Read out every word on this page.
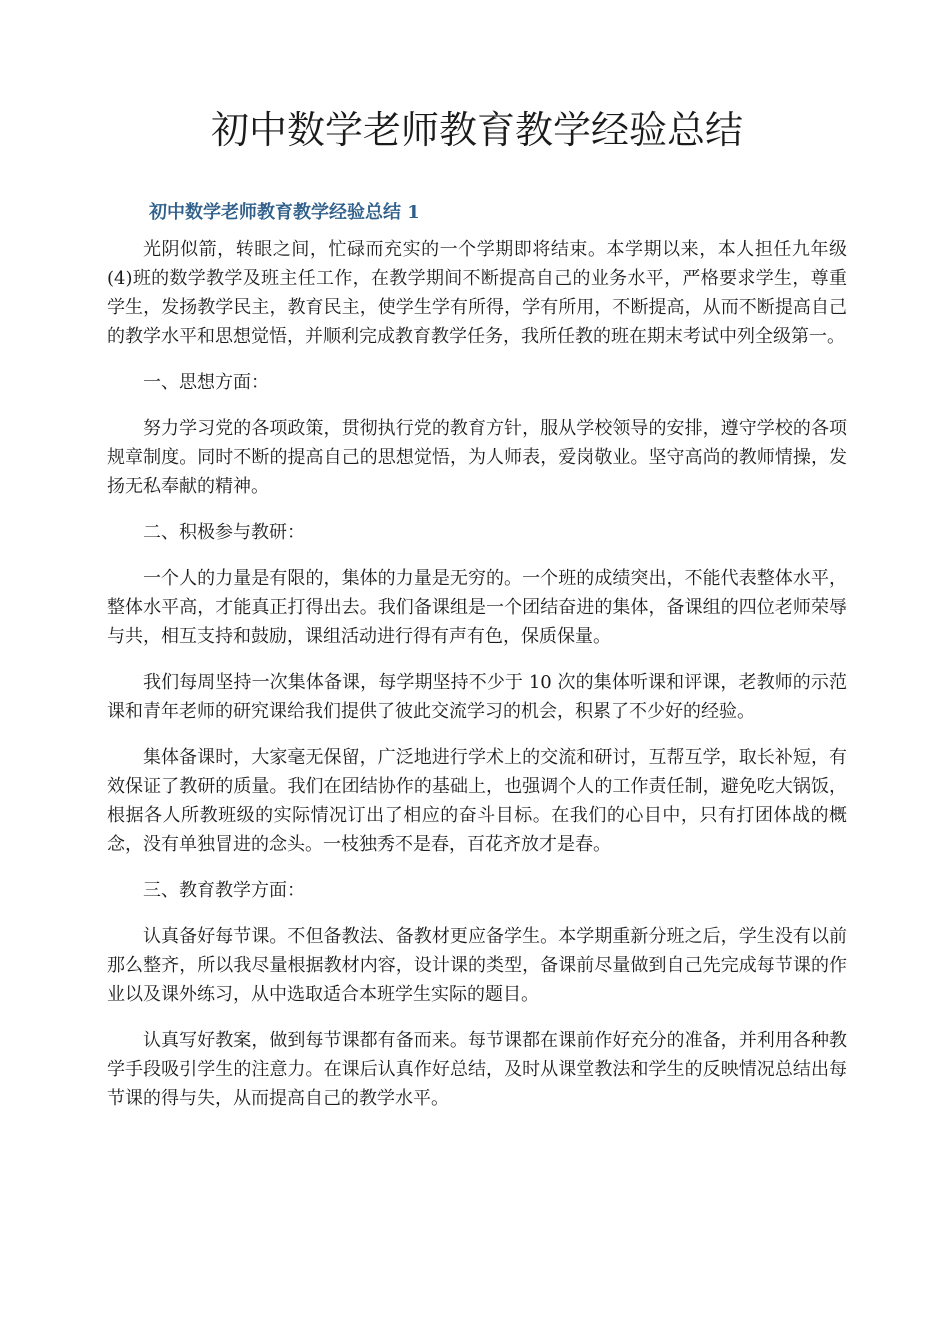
初中数学老师教育教学经验总结
初中数学老师教育教学经验总结 1

光阴似箭，转眼之间，忙碌而充实的一个学期即将结束。本学期以来，本人担任九年级(4)班的数学教学及班主任工作，在教学期间不断提高自己的业务水平，严格要求学生，尊重学生，发扬教学民主，教育民主，使学生学有所得，学有所用，不断提高，从而不断提高自己的教学水平和思想觉悟，并顺利完成教育教学任务，我所任教的班在期末考试中列全级第一。

一、思想方面：

努力学习党的各项政策，贯彻执行党的教育方针，服从学校领导的安排，遵守学校的各项规章制度。同时不断的提高自己的思想觉悟，为人师表，爱岗敬业。坚守高尚的教师情操，发扬无私奉献的精神。

二、积极参与教研：

一个人的力量是有限的，集体的力量是无穷的。一个班的成绩突出，不能代表整体水平，整体水平高，才能真正打得出去。我们备课组是一个团结奋进的集体，备课组的四位老师荣辱与共，相互支持和鼓励，课组活动进行得有声有色，保质保量。

我们每周坚持一次集体备课，每学期坚持不少于 10 次的集体听课和评课，老教师的示范课和青年老师的研究课给我们提供了彼此交流学习的机会，积累了不少好的经验。

集体备课时，大家毫无保留，广泛地进行学术上的交流和研讨，互帮互学，取长补短，有效保证了教研的质量。我们在团结协作的基础上，也强调个人的工作责任制，避免吃大锅饭，根据各人所教班级的实际情况订出了相应的奋斗目标。在我们的心目中，只有打团体战的概念，没有单独冒进的念头。一枝独秀不是春，百花齐放才是春。

三、教育教学方面：

认真备好每节课。不但备教法、备教材更应备学生。本学期重新分班之后，学生没有以前那么整齐，所以我尽量根据教材内容，设计课的类型，备课前尽量做到自己先完成每节课的作业以及课外练习，从中选取适合本班学生实际的题目。

认真写好教案，做到每节课都有备而来。每节课都在课前作好充分的准备，并利用各种教学手段吸引学生的注意力。在课后认真作好总结，及时从课堂教法和学生的反映情况总结出每节课的得与失，从而提高自己的教学水平。
